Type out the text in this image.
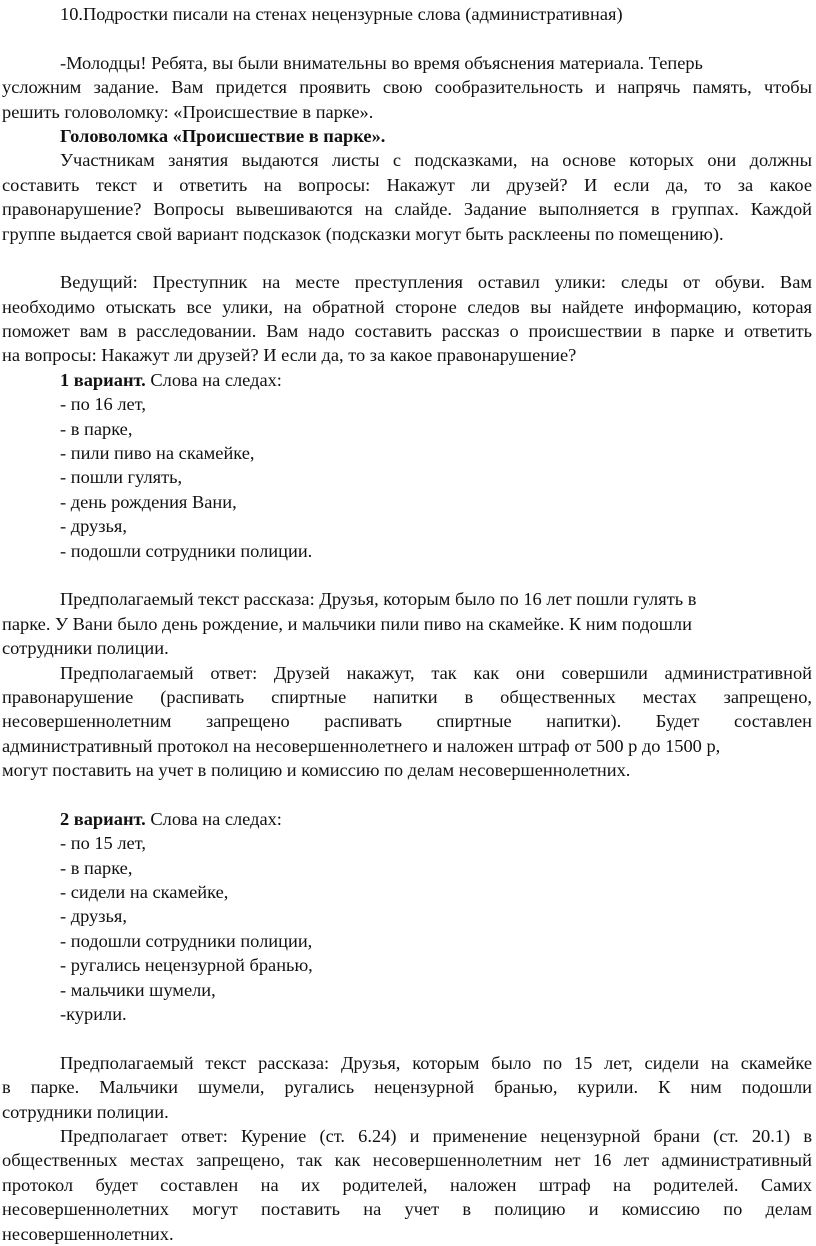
10.Подростки писали на стенах нецензурные слова (административная)
-Молодцы! Ребята, вы были внимательны во время объяснения материала. Теперь
усложним задание. Вам придется проявить свою сообразительность и напрячь память, чтобы
решить головоломку: «Происшествие в парке».
Головоломка «Происшествие в парке».
Участникам занятия выдаются листы с подсказками, на основе которых они должны
составить текст и ответить на вопросы: Накажут ли друзей? И если да, то за какое
правонарушение? Вопросы вывешиваются на слайде. Задание выполняется в группах. Каждой
группе выдается свой вариант подсказок (подсказки могут быть расклеены по помещению).
Ведущий: Преступник на месте преступления оставил улики: следы от обуви. Вам
необходимо отыскать все улики, на обратной стороне следов вы найдете информацию, которая
поможет вам в расследовании. Вам надо составить рассказ о происшествии в парке и ответить
на вопросы: Накажут ли друзей? И если да, то за какое правонарушение?
1 вариант. Слова на следах:
- по 16 лет,
- в парке,
- пили пиво на скамейке,
- пошли гулять,
- день рождения Вани,
- друзья,
- подошли сотрудники полиции.
Предполагаемый текст рассказа: Друзья, которым было по 16 лет пошли гулять в
парке. У Вани было день рождение, и мальчики пили пиво на скамейке. К ним подошли
сотрудники полиции.
Предполагаемый ответ: Друзей накажут, так как они совершили административной
правонарушение (распивать спиртные напитки в общественных местах запрещено,
несовершеннолетним запрещено распивать спиртные напитки). Будет составлен
административный протокол на несовершеннолетнего и наложен штраф от 500 р до 1500 р,
могут поставить на учет в полицию и комиссию по делам несовершеннолетних.
2 вариант. Слова на следах:
- по 15 лет,
- в парке,
- сидели на скамейке,
- друзья,
- подошли сотрудники полиции,
- ругались нецензурной бранью,
- мальчики шумели,
-курили.
Предполагаемый текст рассказа: Друзья, которым было по 15 лет, сидели на скамейке
в парке. Мальчики шумели, ругались нецензурной бранью, курили. К ним подошли
сотрудники полиции.
Предполагает ответ: Курение (ст. 6.24) и применение нецензурной брани (ст. 20.1) в
общественных местах запрещено, так как несовершеннолетним нет 16 лет административный
протокол будет составлен на их родителей, наложен штраф на родителей. Самих
несовершеннолетних могут поставить на учет в полицию и комиссию по делам
несовершеннолетних.
